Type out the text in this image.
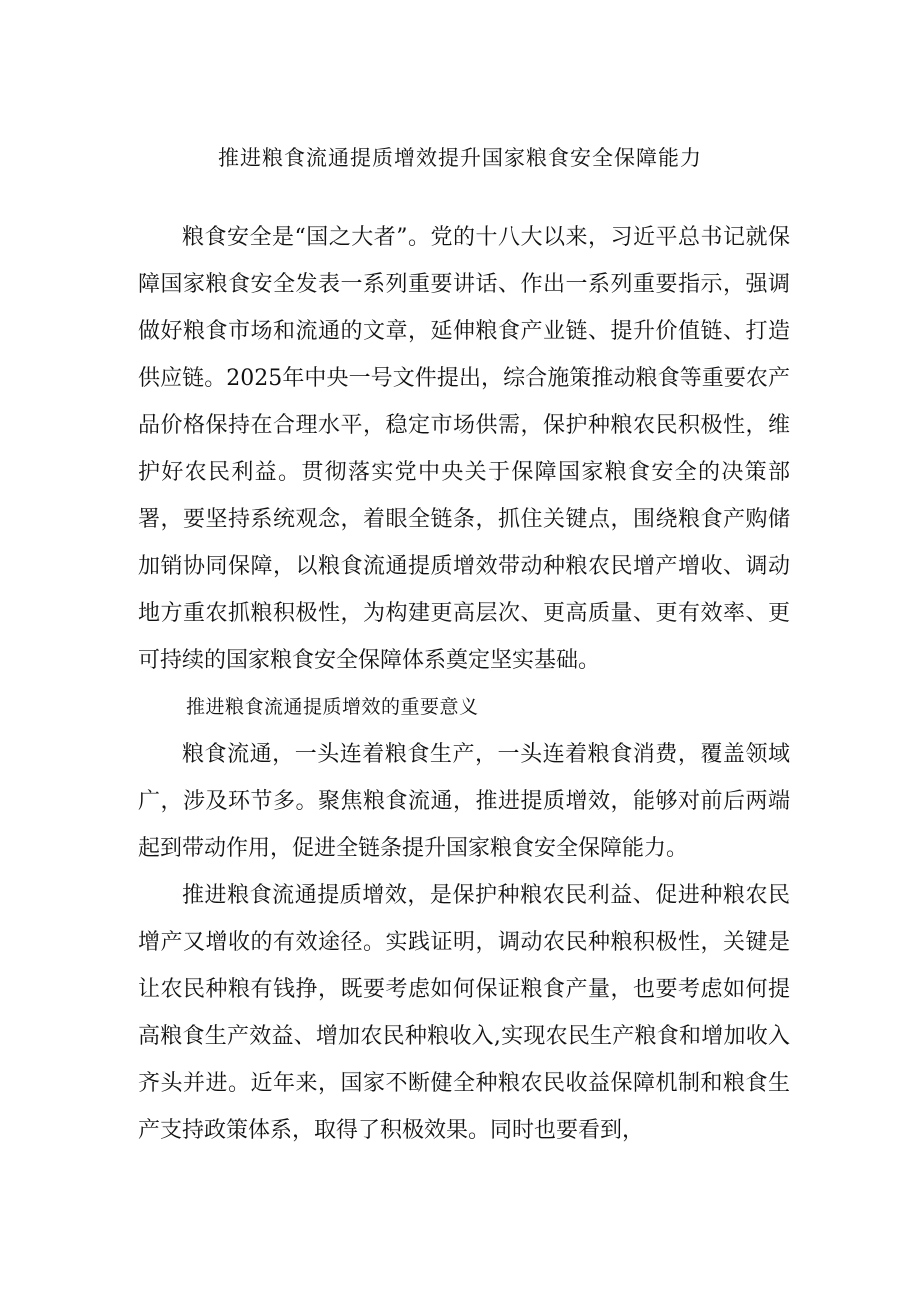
推进粮食流通提质增效提升国家粮食安全保障能力

粮食安全是“国之大者”。党的十八大以来，习近平总书记就保障国家粮食安全发表一系列重要讲话、作出一系列重要指示，强调做好粮食市场和流通的文章，延伸粮食产业链、提升价值链、打造供应链。2025年中央一号文件提出，综合施策推动粮食等重要农产品价格保持在合理水平，稳定市场供需，保护种粮农民积极性，维护好农民利益。贯彻落实党中央关于保障国家粮食安全的决策部署，要坚持系统观念，着眼全链条，抓住关键点，围绕粮食产购储加销协同保障，以粮食流通提质增效带动种粮农民增产增收、调动地方重农抓粮积极性，为构建更高层次、更高质量、更有效率、更可持续的国家粮食安全保障体系奠定坚实基础。

推进粮食流通提质增效的重要意义

粮食流通，一头连着粮食生产，一头连着粮食消费，覆盖领域广，涉及环节多。聚焦粮食流通，推进提质增效，能够对前后两端起到带动作用，促进全链条提升国家粮食安全保障能力。

推进粮食流通提质增效，是保护种粮农民利益、促进种粮农民增产又增收的有效途径。实践证明，调动农民种粮积极性，关键是让农民种粮有钱挣，既要考虑如何保证粮食产量，也要考虑如何提高粮食生产效益、增加农民种粮收入,实现农民生产粮食和增加收入齐头并进。近年来，国家不断健全种粮农民收益保障机制和粮食生产支持政策体系，取得了积极效果。同时也要看到，
